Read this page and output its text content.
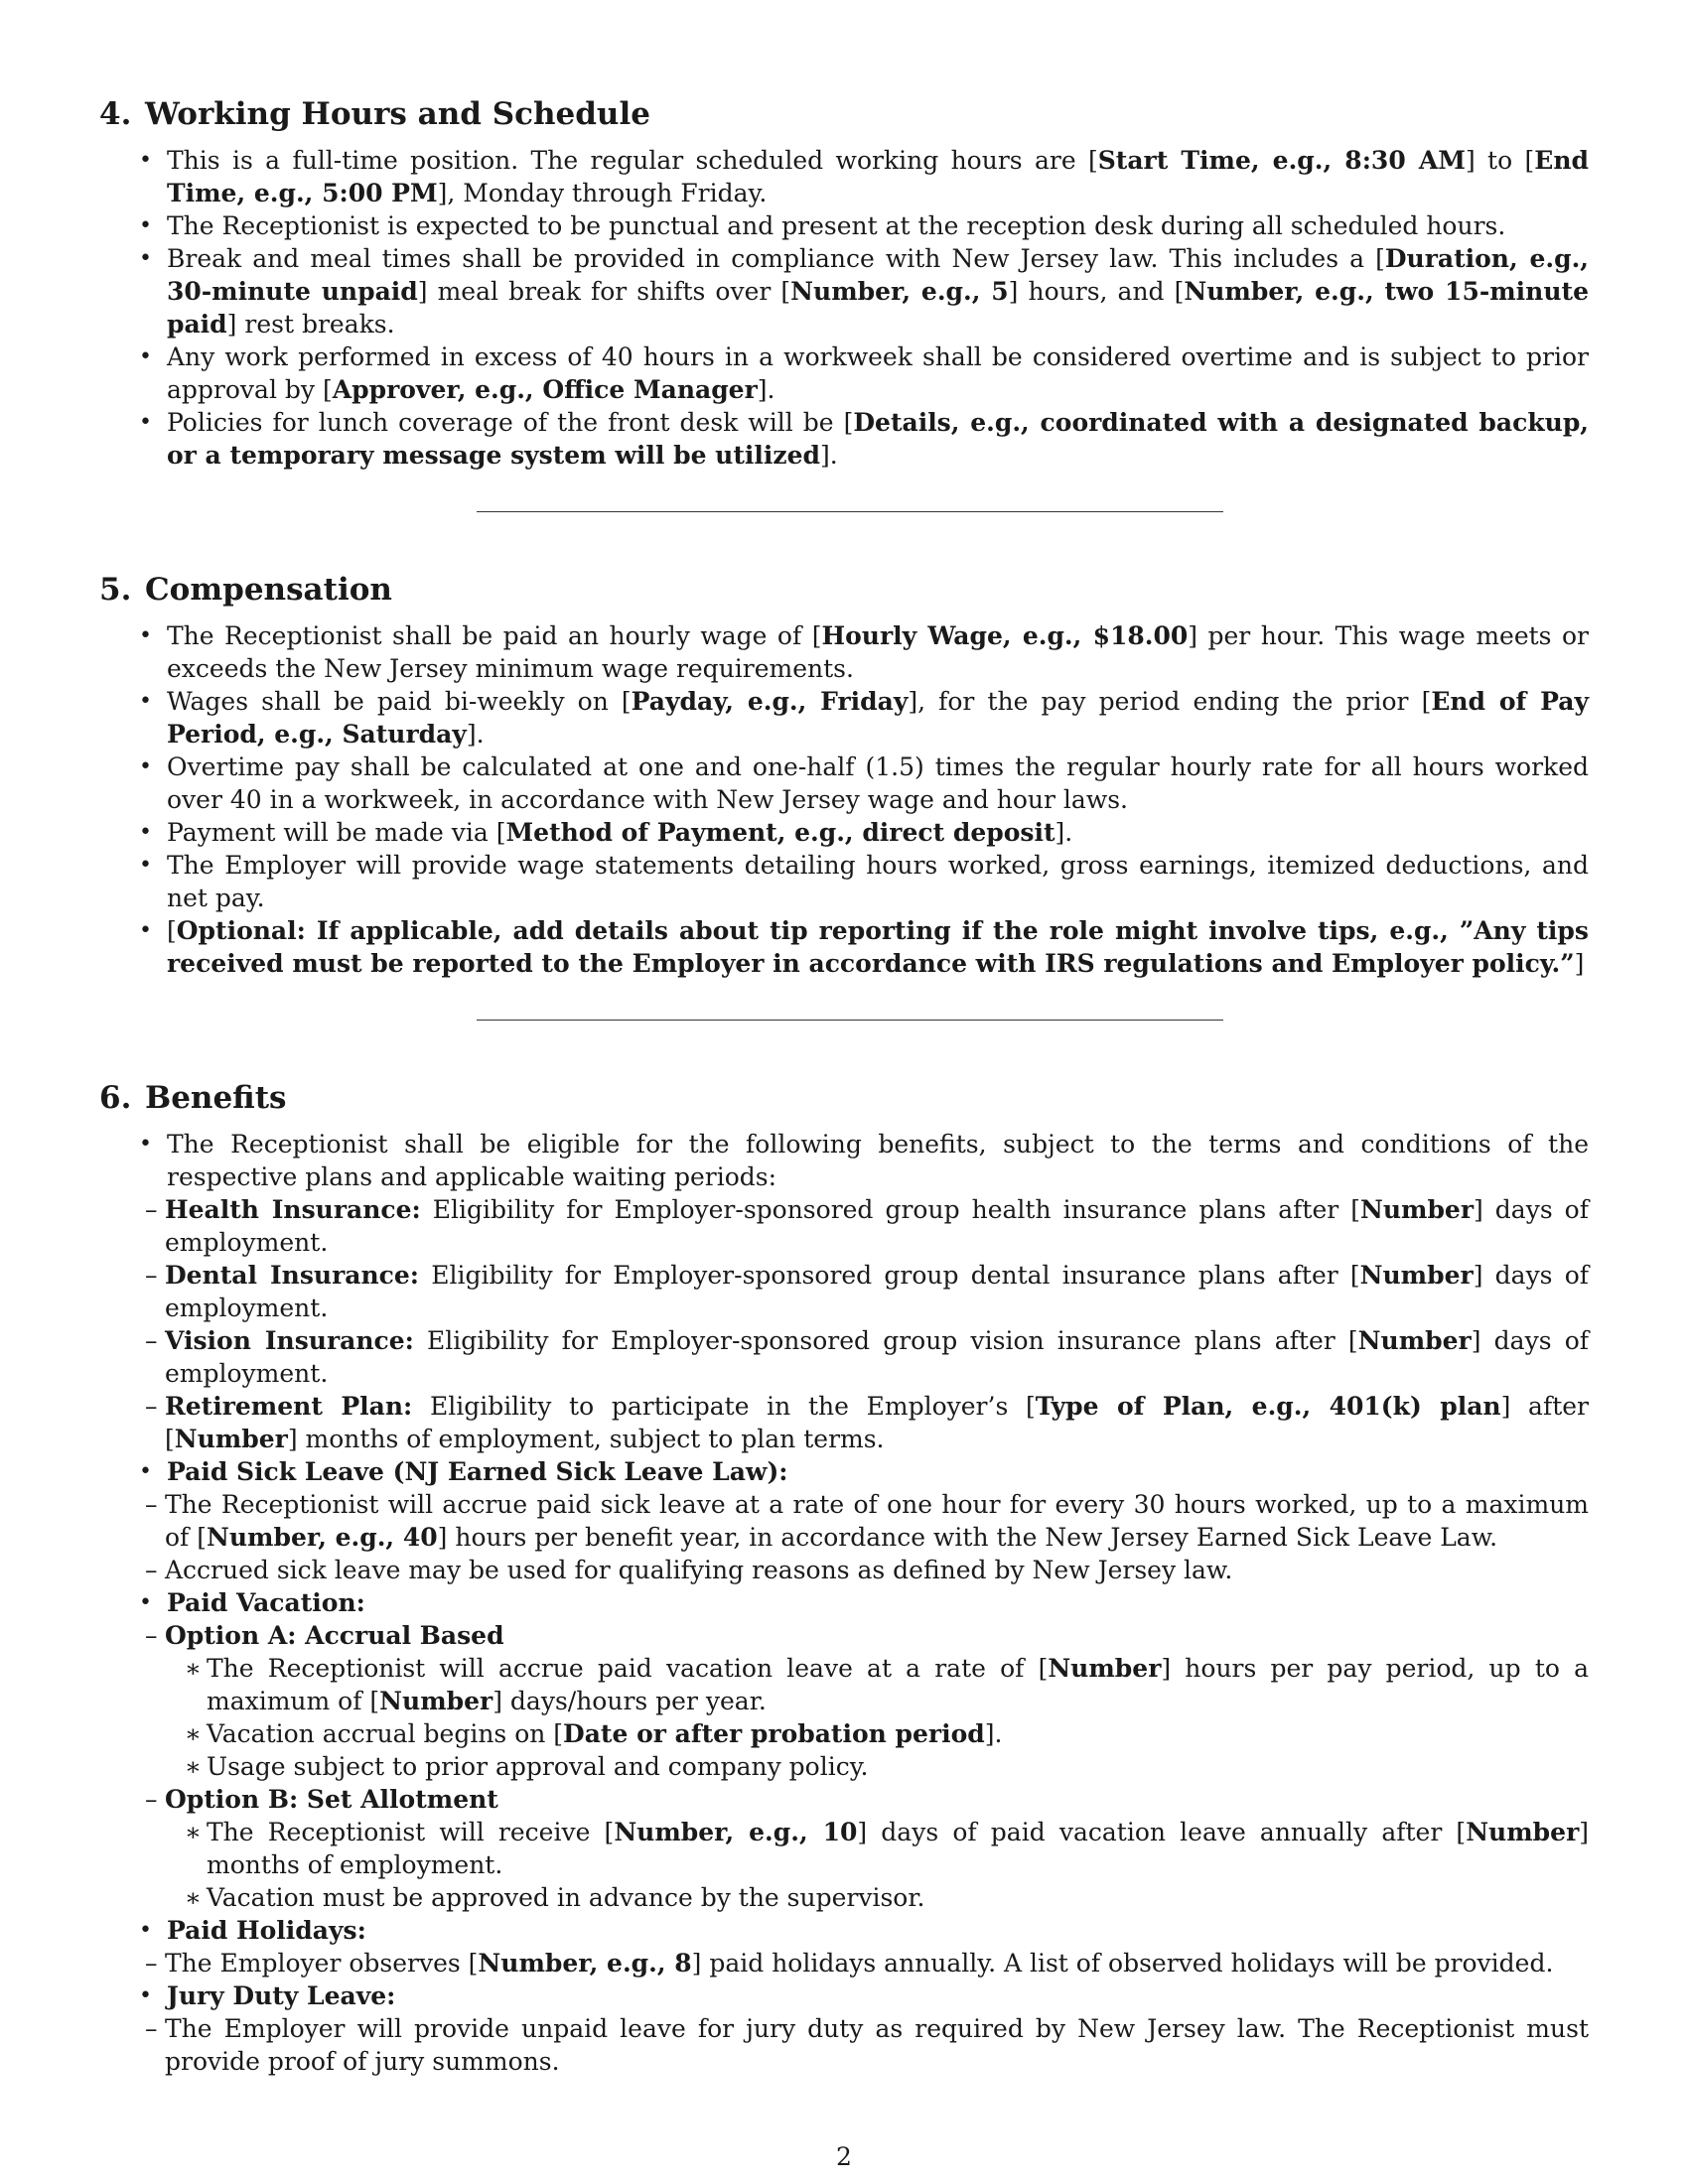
4. Working Hours and Schedule
• This is a full-time position. The regular scheduled working hours are [Start Time, e.g., 8:30 AM] to [End Time, e.g., 5:00 PM], Monday through Friday.
• The Receptionist is expected to be punctual and present at the reception desk during all scheduled hours.
• Break and meal times shall be provided in compliance with New Jersey law. This includes a [Duration, e.g., 30-minute unpaid] meal break for shifts over [Number, e.g., 5] hours, and [Number, e.g., two 15-minute paid] rest breaks.
• Any work performed in excess of 40 hours in a workweek shall be considered overtime and is subject to prior approval by [Approver, e.g., Office Manager].
• Policies for lunch coverage of the front desk will be [Details, e.g., coordinated with a designated backup, or a temporary message system will be utilized].
5. Compensation
• The Receptionist shall be paid an hourly wage of [Hourly Wage, e.g., $18.00] per hour. This wage meets or exceeds the New Jersey minimum wage requirements.
• Wages shall be paid bi-weekly on [Payday, e.g., Friday], for the pay period ending the prior [End of Pay Period, e.g., Saturday].
• Overtime pay shall be calculated at one and one-half (1.5) times the regular hourly rate for all hours worked over 40 in a workweek, in accordance with New Jersey wage and hour laws.
• Payment will be made via [Method of Payment, e.g., direct deposit].
• The Employer will provide wage statements detailing hours worked, gross earnings, itemized deductions, and net pay.
• [Optional: If applicable, add details about tip reporting if the role might involve tips, e.g., ”Any tips received must be reported to the Employer in accordance with IRS regulations and Employer policy.”]
6. Benefits
• The Receptionist shall be eligible for the following benefits, subject to the terms and conditions of the respective plans and applicable waiting periods:
– Health Insurance: Eligibility for Employer-sponsored group health insurance plans after [Number] days of employment.
– Dental Insurance: Eligibility for Employer-sponsored group dental insurance plans after [Number] days of employment.
– Vision Insurance: Eligibility for Employer-sponsored group vision insurance plans after [Number] days of employment.
– Retirement Plan: Eligibility to participate in the Employer’s [Type of Plan, e.g., 401(k) plan] after [Number] months of employment, subject to plan terms.
• Paid Sick Leave (NJ Earned Sick Leave Law):
– The Receptionist will accrue paid sick leave at a rate of one hour for every 30 hours worked, up to a maximum of [Number, e.g., 40] hours per benefit year, in accordance with the New Jersey Earned Sick Leave Law.
– Accrued sick leave may be used for qualifying reasons as defined by New Jersey law.
• Paid Vacation:
– Option A: Accrual Based
∗ The Receptionist will accrue paid vacation leave at a rate of [Number] hours per pay period, up to a maximum of [Number] days/hours per year.
∗ Vacation accrual begins on [Date or after probation period].
∗ Usage subject to prior approval and company policy.
– Option B: Set Allotment
∗ The Receptionist will receive [Number, e.g., 10] days of paid vacation leave annually after [Number] months of employment.
∗ Vacation must be approved in advance by the supervisor.
• Paid Holidays:
– The Employer observes [Number, e.g., 8] paid holidays annually. A list of observed holidays will be provided.
• Jury Duty Leave:
– The Employer will provide unpaid leave for jury duty as required by New Jersey law. The Receptionist must provide proof of jury summons.
2
